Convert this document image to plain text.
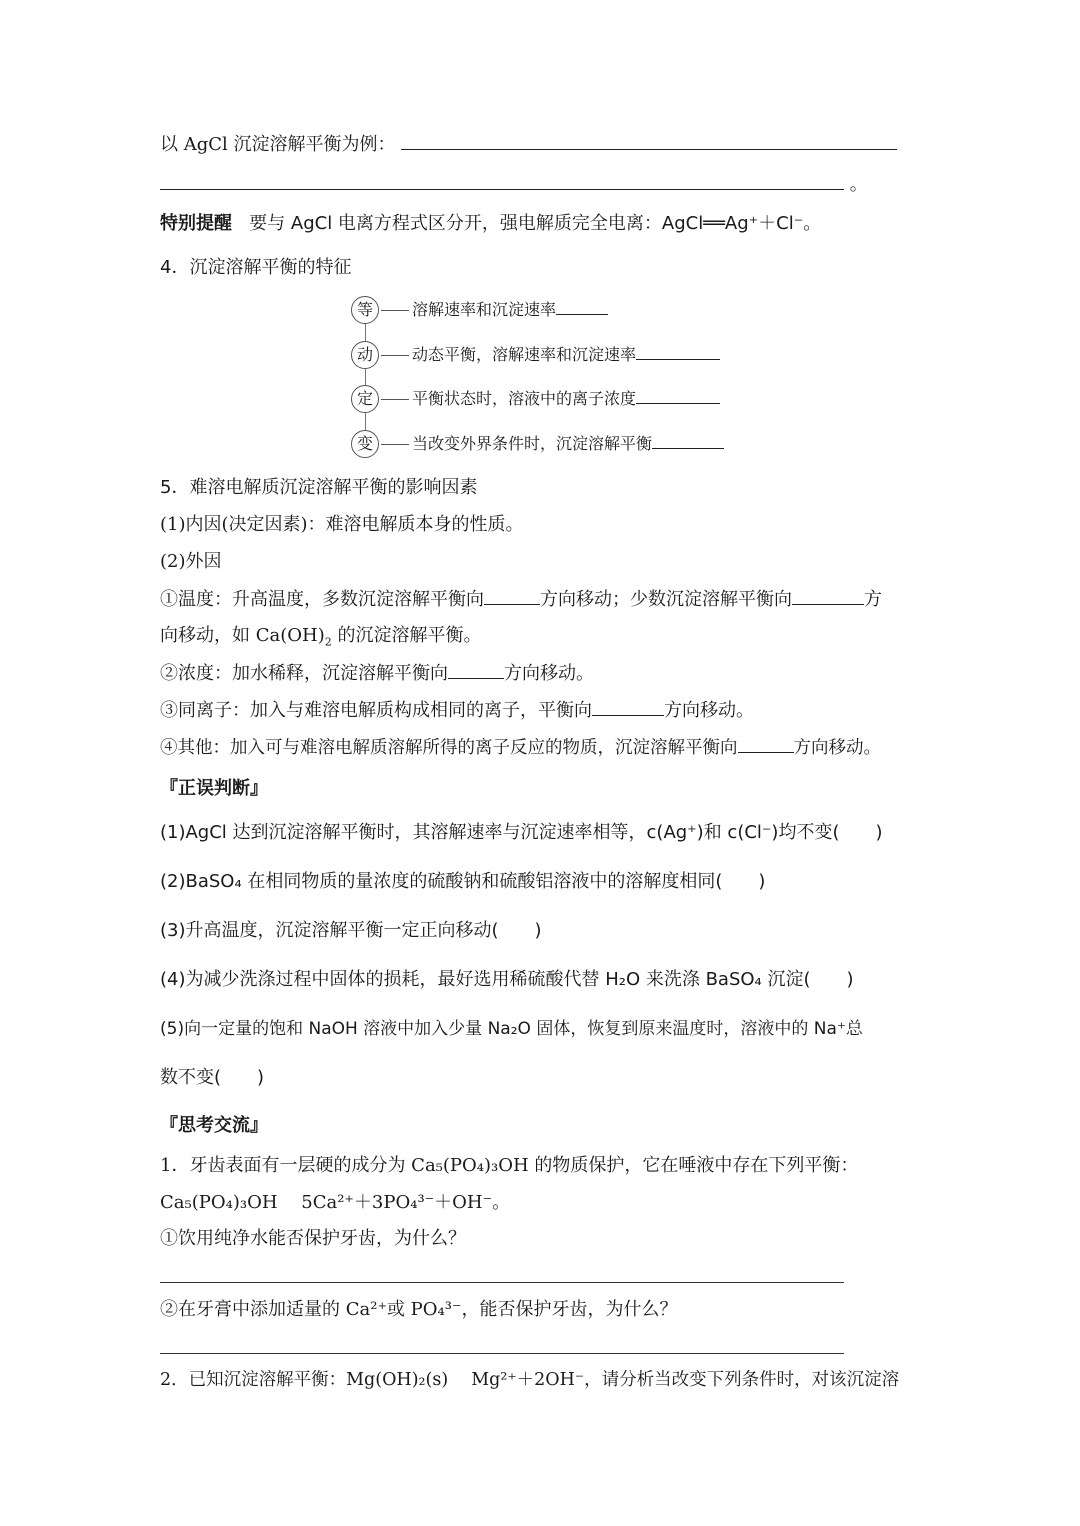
以 AgCl 沉淀溶解平衡为例：
。
特别提醒 要与 AgCl 电离方程式区分开，强电解质完全电离：AgCl══Ag⁺＋Cl⁻。
4．沉淀溶解平衡的特征
等	溶解速率和沉淀速率
动	动态平衡，溶解速率和沉淀速率
定	平衡状态时，溶液中的离子浓度
变	当改变外界条件时，沉淀溶解平衡
5．难溶电解质沉淀溶解平衡的影响因素
(1)内因(决定因素)：难溶电解质本身的性质。
(2)外因
①温度：升高温度，多数沉淀溶解平衡向	方向移动；少数沉淀溶解平衡向	方
向移动，如 $Ca(OH)_2$ 的沉淀溶解平衡。
②浓度：加水稀释，沉淀溶解平衡向	方向移动。
③同离子：加入与难溶电解质构成相同的离子，平衡向	方向移动。
④其他：加入可与难溶电解质溶解所得的离子反应的物质，沉淀溶解平衡向	方向移动。
『正误判断』
(1)AgCl 达到沉淀溶解平衡时，其溶解速率与沉淀速率相等，c(Ag⁺)和 c(Cl⁻)均不变(　　)
(2)BaSO₄ 在相同物质的量浓度的硫酸钠和硫酸铝溶液中的溶解度相同(　　)
(3)升高温度，沉淀溶解平衡一定正向移动(　　)
(4)为减少洗涤过程中固体的损耗，最好选用稀硫酸代替 H₂O 来洗涤 BaSO₄ 沉淀(　　)
(5)向一定量的饱和 NaOH 溶液中加入少量 Na₂O 固体，恢复到原来温度时，溶液中的 Na⁺总
数不变(　　)
『思考交流』
1．牙齿表面有一层硬的成分为 Ca₅(PO₄)₃OH 的物质保护，它在唾液中存在下列平衡：
Ca₅(PO₄)₃OH　 5Ca²⁺＋3PO₄³⁻＋OH⁻。
①饮用纯净水能否保护牙齿，为什么？
②在牙膏中添加适量的 Ca²⁺或 PO₄³⁻，能否保护牙齿，为什么？
2．已知沉淀溶解平衡：Mg(OH)₂(s)　 Mg²⁺＋2OH⁻，请分析当改变下列条件时，对该沉淀溶
